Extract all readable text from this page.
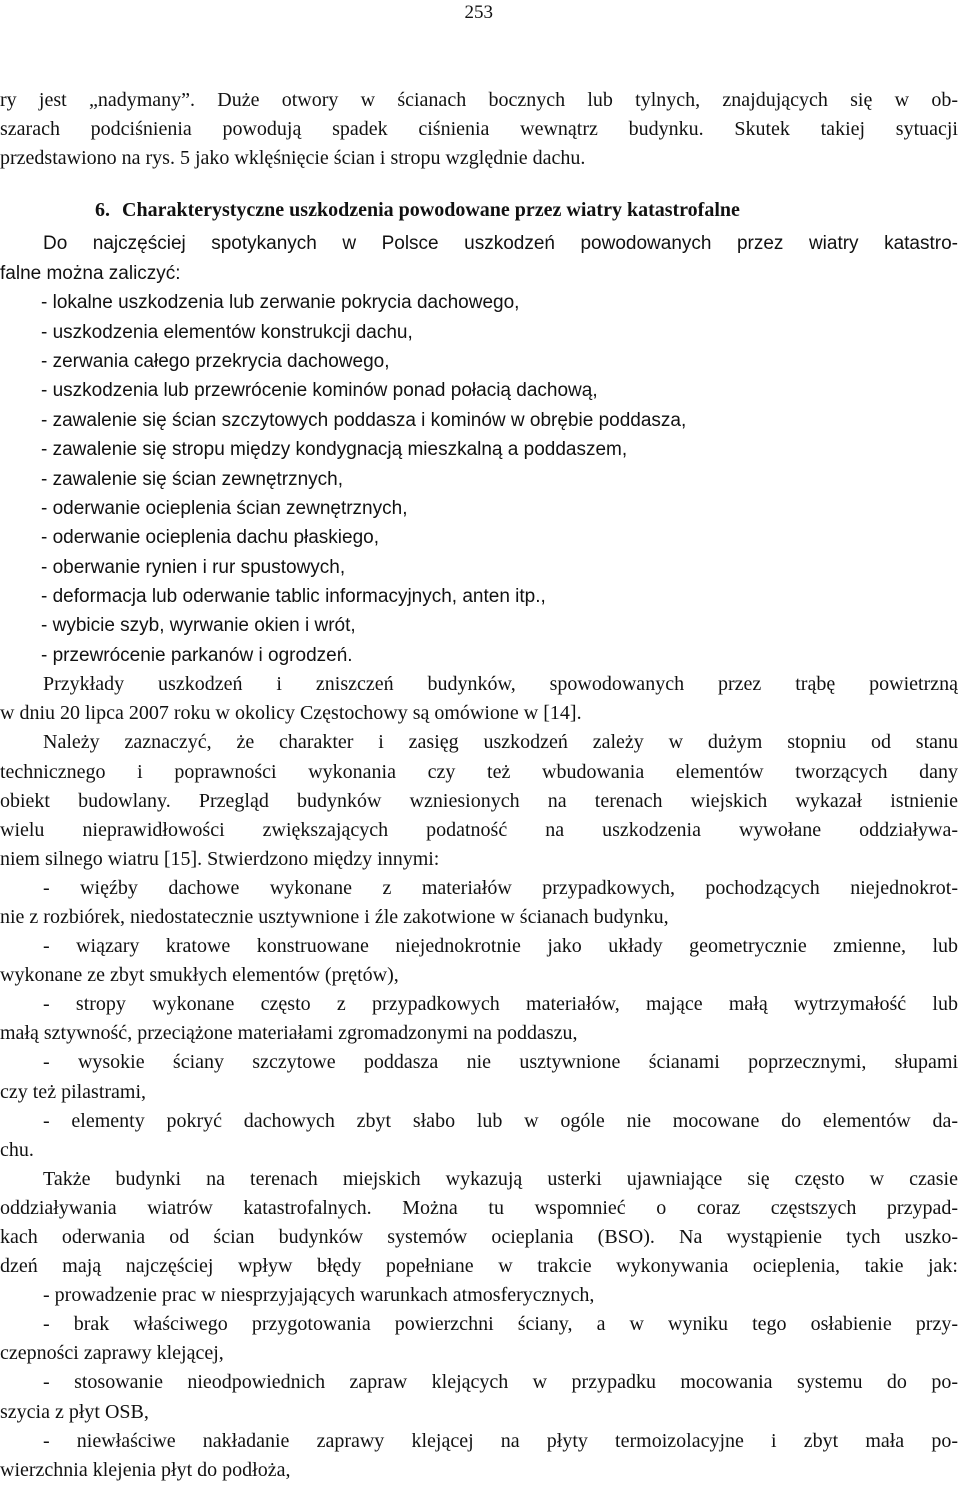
253
ry jest „nadymany”. Duże otwory w ścianach bocznych lub tylnych, znajdujących się w ob-
szarach podciśnienia powodują spadek ciśnienia wewnątrz budynku. Skutek takiej sytuacji
przedstawiono na rys. 5 jako wklęśnięcie ścian i stropu względnie dachu.
6. Charakterystyczne uszkodzenia powodowane przez wiatry katastrofalne
Do najczęściej spotykanych w Polsce uszkodzeń powodowanych przez wiatry katastro-
falne można zaliczyć:
- lokalne uszkodzenia lub zerwanie pokrycia dachowego,
- uszkodzenia elementów konstrukcji dachu,
- zerwania całego przekrycia dachowego,
- uszkodzenia lub przewrócenie kominów ponad połacią dachową,
- zawalenie się ścian szczytowych poddasza i kominów w obrębie poddasza,
- zawalenie się stropu między kondygnacją mieszkalną a poddaszem,
- zawalenie się ścian zewnętrznych,
- oderwanie ocieplenia ścian zewnętrznych,
- oderwanie ocieplenia dachu płaskiego,
- oberwanie rynien i rur spustowych,
- deformacja lub oderwanie tablic informacyjnych, anten itp.,
- wybicie szyb, wyrwanie okien i wrót,
- przewrócenie parkanów i ogrodzeń.
Przykłady uszkodzeń i zniszczeń budynków, spowodowanych przez trąbę powietrzną
w dniu 20 lipca 2007 roku w okolicy Częstochowy są omówione w [14].
Należy zaznaczyć, że charakter i zasięg uszkodzeń zależy w dużym stopniu od stanu
technicznego i poprawności wykonania czy też wbudowania elementów tworzących dany
obiekt budowlany. Przegląd budynków wzniesionych na terenach wiejskich wykazał istnienie
wielu nieprawidłowości zwiększających podatność na uszkodzenia wywołane oddziaływa-
niem silnego wiatru [15]. Stwierdzono między innymi:
- więźby dachowe wykonane z materiałów przypadkowych, pochodzących niejednokrot-
nie z rozbiórek, niedostatecznie usztywnione i źle zakotwione w ścianach budynku,
- wiązary kratowe konstruowane niejednokrotnie jako układy geometrycznie zmienne, lub
wykonane ze zbyt smukłych elementów (prętów),
- stropy wykonane często z przypadkowych materiałów, mające małą wytrzymałość lub
małą sztywność, przeciążone materiałami zgromadzonymi na poddaszu,
- wysokie ściany szczytowe poddasza nie usztywnione ścianami poprzecznymi, słupami
czy też pilastrami,
- elementy pokryć dachowych zbyt słabo lub w ogóle nie mocowane do elementów da-
chu.
Także budynki na terenach miejskich wykazują usterki ujawniające się często w czasie
oddziaływania wiatrów katastrofalnych. Można tu wspomnieć o coraz częstszych przypad-
kach oderwania od ścian budynków systemów ocieplania (BSO). Na wystąpienie tych uszko-
dzeń mają najczęściej wpływ błędy popełniane w trakcie wykonywania ocieplenia, takie jak:
- prowadzenie prac w niesprzyjających warunkach atmosferycznych,
- brak właściwego przygotowania powierzchni ściany, a w wyniku tego osłabienie przy-
czepności zaprawy klejącej,
- stosowanie nieodpowiednich zapraw klejących w przypadku mocowania systemu do po-
szycia z płyt OSB,
- niewłaściwe nakładanie zaprawy klejącej na płyty termoizolacyjne i zbyt mała po-
wierzchnia klejenia płyt do podłoża,
